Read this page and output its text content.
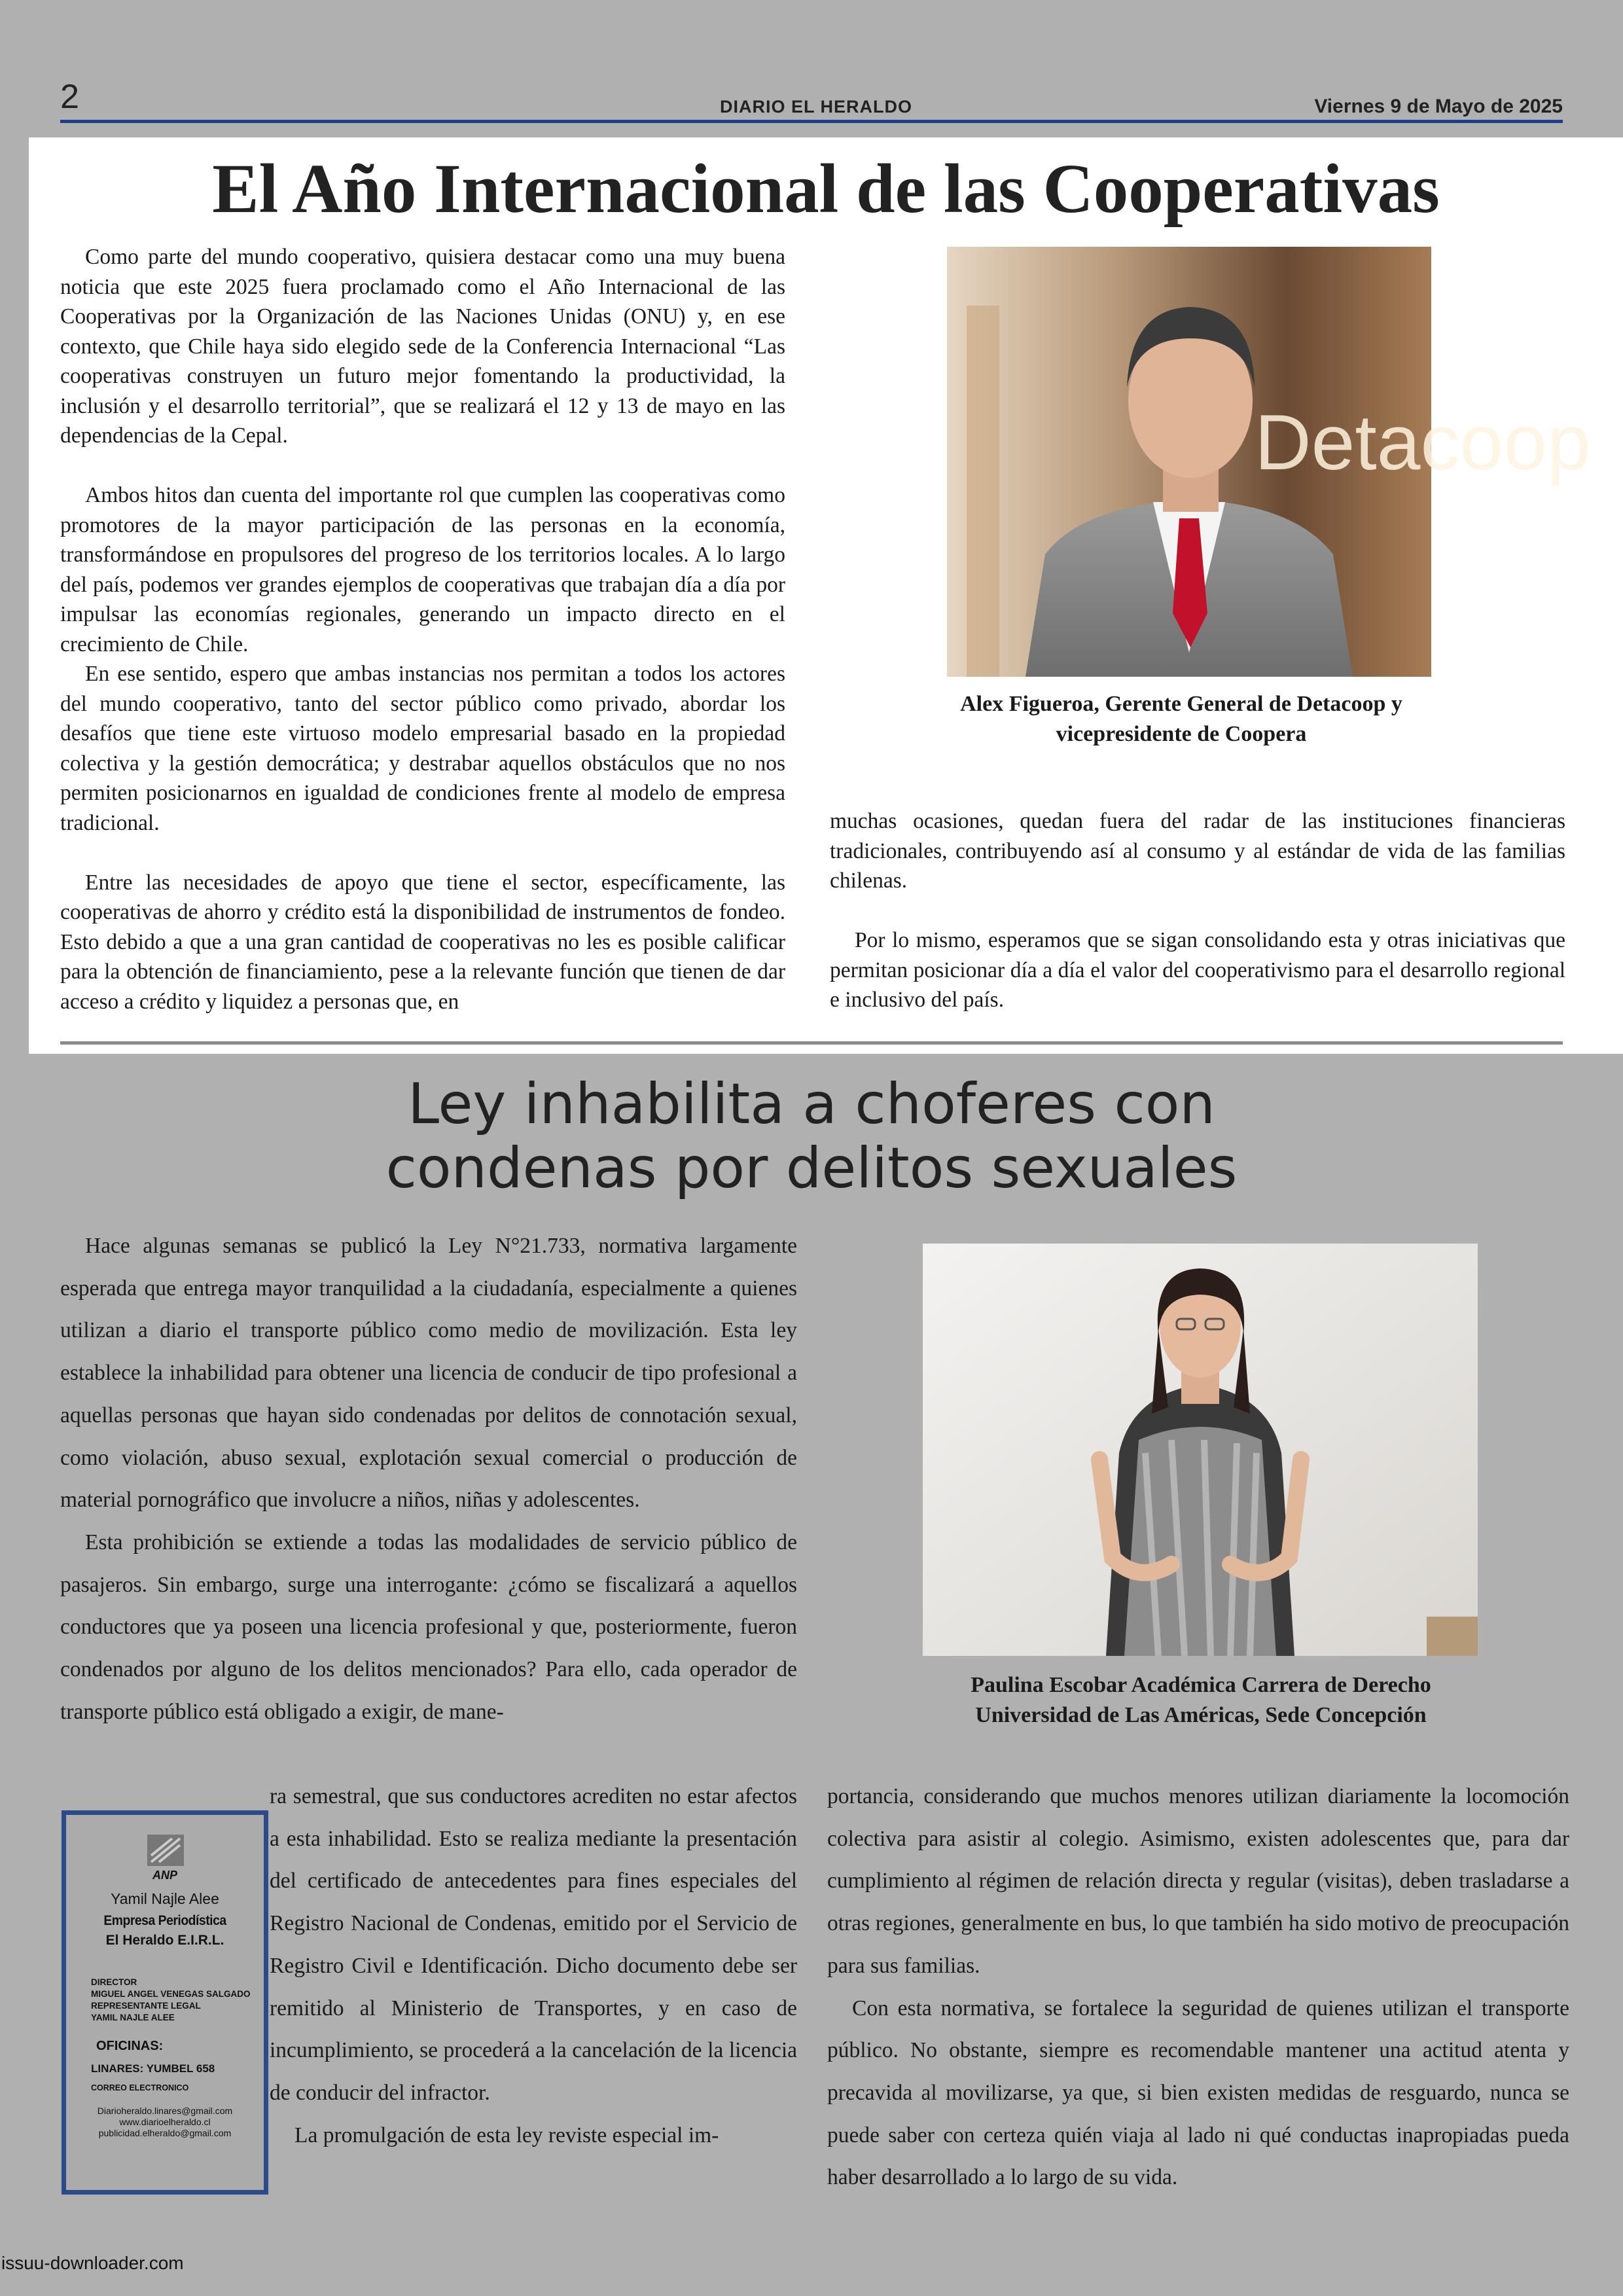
2	DIARIO EL HERALDO	Viernes 9 de Mayo de 2025
El Año Internacional de las Cooperativas

Como parte del mundo cooperativo, quisiera destacar como una muy buena noticia que este 2025 fuera proclamado como el Año Internacional de las Cooperativas por la Organización de las Naciones Unidas (ONU) y, en ese contexto, que Chile haya sido elegido sede de la Conferencia Internacional “Las cooperativas construyen un futuro mejor fomentando la productividad, la inclusión y el desarrollo territorial”, que se realizará el 12 y 13 de mayo en las dependencias de la Cepal.

Ambos hitos dan cuenta del importante rol que cumplen las cooperativas como promotores de la mayor participación de las personas en la economía, transformándose en propulsores del progreso de los territorios locales. A lo largo del país, podemos ver grandes ejemplos de cooperativas que trabajan día a día por impulsar las economías regionales, generando un impacto directo en el crecimiento de Chile.

En ese sentido, espero que ambas instancias nos permitan a todos los actores del mundo cooperativo, tanto del sector público como privado, abordar los desafíos que tiene este virtuoso modelo empresarial basado en la propiedad colectiva y la gestión democrática; y destrabar aquellos obstáculos que no nos permiten posicionarnos en igualdad de condiciones frente al modelo de empresa tradicional.

Entre las necesidades de apoyo que tiene el sector, específicamente, las cooperativas de ahorro y crédito está la disponibilidad de instrumentos de fondeo. Esto debido a que a una gran cantidad de cooperativas no les es posible calificar para la obtención de financiamiento, pese a la relevante función que tienen de dar acceso a crédito y liquidez a personas que, en

Detacoop
Alex Figueroa, Gerente General de Detacoop y
vicepresidente de Coopera

muchas ocasiones, quedan fuera del radar de las instituciones financieras tradicionales, contribuyendo así al consumo y al estándar de vida de las familias chilenas.

Por lo mismo, esperamos que se sigan consolidando esta y otras iniciativas que permitan posicionar día a día el valor del cooperativismo para el desarrollo regional e inclusivo del país.

Ley inhabilita a choferes con
condenas por delitos sexuales

Hace algunas semanas se publicó la Ley N°21.733, normativa largamente esperada que entrega mayor tranquilidad a la ciudadanía, especialmente a quienes utilizan a diario el transporte público como medio de movilización. Esta ley establece la inhabilidad para obtener una licencia de conducir de tipo profesional a aquellas personas que hayan sido condenadas por delitos de connotación sexual, como violación, abuso sexual, explotación sexual comercial o producción de material pornográfico que involucre a niños, niñas y adolescentes.

Esta prohibición se extiende a todas las modalidades de servicio público de pasajeros. Sin embargo, surge una interrogante: ¿cómo se fiscalizará a aquellos conductores que ya poseen una licencia profesional y que, posteriormente, fueron condenados por alguno de los delitos mencionados? Para ello, cada operador de transporte público está obligado a exigir, de mane-

Paulina Escobar Académica Carrera de Derecho
Universidad de Las Américas, Sede Concepción
ANP
Yamil Najle Alee
Empresa Periodística
El Heraldo E.I.R.L.
DIRECTOR
MIGUEL ANGEL VENEGAS SALGADO
REPRESENTANTE LEGAL
YAMIL NAJLE ALEE
OFICINAS:
LINARES: YUMBEL 658
CORREO ELECTRONICO
Diarioheraldo.linares@gmail.com
www.diarioelheraldo.cl
publicidad.elheraldo@gmail.com

ra semestral, que sus conductores acrediten no estar afectos a esta inhabilidad. Esto se realiza mediante la presentación del certificado de antecedentes para fines especiales del Registro Nacional de Condenas, emitido por el Servicio de Registro Civil e Identificación. Dicho documento debe ser remitido al Ministerio de Transportes, y en caso de incumplimiento, se procederá a la cancelación de la licencia de conducir del infractor.

La promulgación de esta ley reviste especial im-

portancia, considerando que muchos menores utilizan diariamente la locomoción colectiva para asistir al colegio. Asimismo, existen adolescentes que, para dar cumplimiento al régimen de relación directa y regular (visitas), deben trasladarse a otras regiones, generalmente en bus, lo que también ha sido motivo de preocupación para sus familias.

Con esta normativa, se fortalece la seguridad de quienes utilizan el transporte público. No obstante, siempre es recomendable mantener una actitud atenta y precavida al movilizarse, ya que, si bien existen medidas de resguardo, nunca se puede saber con certeza quién viaja al lado ni qué conductas inapropiadas pueda haber desarrollado a lo largo de su vida.

issuu-downloader.com
